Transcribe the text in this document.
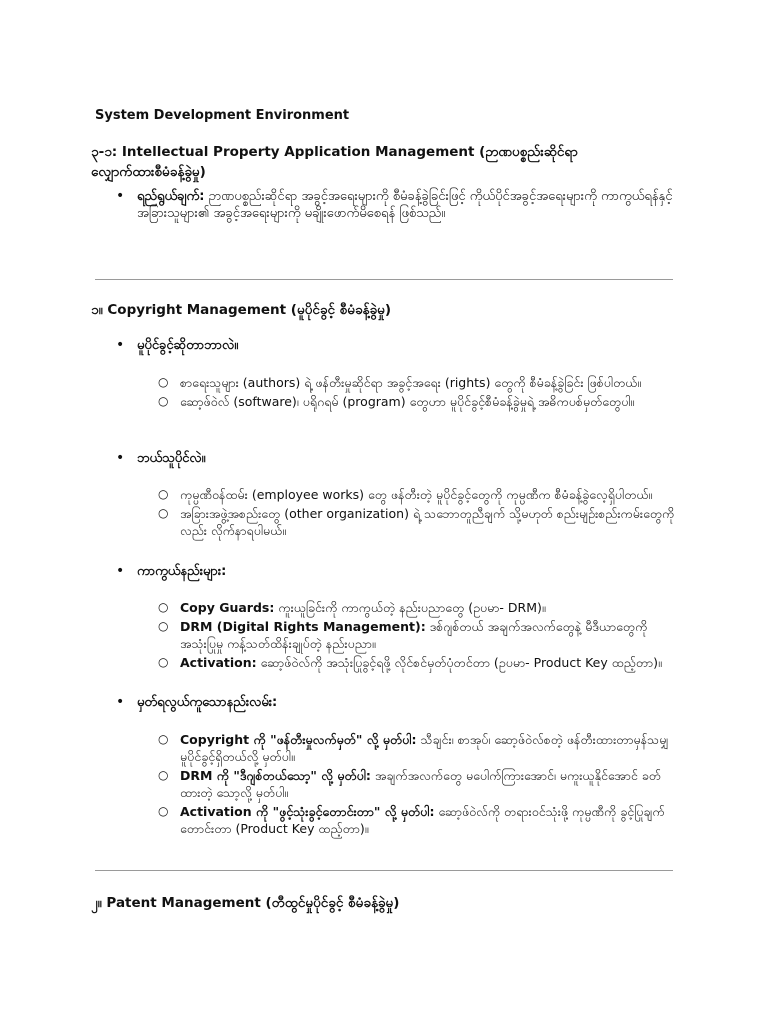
System Development Environment
၃-၁: Intellectual Property Application Management (ဉာဏပစ္စည်းဆိုင်ရာ လျှောက်ထားစီမံခန့်ခွဲမှု)
• ရည်ရွယ်ချက်: ဉာဏပစ္စည်းဆိုင်ရာ အခွင့်အရေးများကို စီမံခန့်ခွဲခြင်းဖြင့် ကိုယ်ပိုင်အခွင့်အရေးများကို ကာကွယ်ရန်နှင့် အခြားသူများ၏ အခွင့်အရေးများကို မချိုးဖောက်မိစေရန် ဖြစ်သည်။
၁။ Copyright Management (မူပိုင်ခွင့် စီမံခန့်ခွဲမှု)
• မူပိုင်ခွင့်ဆိုတာဘာလဲ။
○ စာရေးသူများ (authors) ရဲ့ ဖန်တီးမှုဆိုင်ရာ အခွင့်အရေး (rights) တွေကို စီမံခန့်ခွဲခြင်း ဖြစ်ပါတယ်။
○ ဆော့ဖ်ဝဲလ် (software)၊ ပရိုဂရမ် (program) တွေဟာ မူပိုင်ခွင့်စီမံခန့်ခွဲမှုရဲ့ အဓိကပစ်မှတ်တွေပါ။
• ဘယ်သူပိုင်လဲ။
○ ကုမ္ပဏီဝန်ထမ်း (employee works) တွေ ဖန်တီးတဲ့ မူပိုင်ခွင့်တွေကို ကုမ္ပဏီက စီမံခန့်ခွဲလေ့ရှိပါတယ်။
○ အခြားအဖွဲ့အစည်းတွေ (other organization) ရဲ့ သဘောတူညီချက် သို့မဟုတ် စည်းမျဉ်းစည်းကမ်းတွေကိုလည်း လိုက်နာရပါမယ်။
• ကာကွယ်နည်းများ:
○ Copy Guards: ကူးယူခြင်းကို ကာကွယ်တဲ့ နည်းပညာတွေ (ဥပမာ- DRM)။
○ DRM (Digital Rights Management): ဒစ်ဂျစ်တယ် အချက်အလက်တွေနဲ့ မီဒီယာတွေကို အသုံးပြုမှု ကန့်သတ်ထိန်းချုပ်တဲ့ နည်းပညာ။
○ Activation: ဆော့ဖ်ဝဲလ်ကို အသုံးပြုခွင့်ရဖို့ လိုင်စင်မှတ်ပုံတင်တာ (ဥပမာ- Product Key ထည့်တာ)။
• မှတ်ရလွယ်ကူသောနည်းလမ်း:
○ Copyright ကို "ဖန်တီးမှုလက်မှတ်" လို့ မှတ်ပါ: သီချင်း၊ စာအုပ်၊ ဆော့ဖ်ဝဲလ်စတဲ့ ဖန်တီးထားတာမှန်သမျှ မူပိုင်ခွင့်ရှိတယ်လို့ မှတ်ပါ။
○ DRM ကို "ဒီဂျစ်တယ်သော့" လို့ မှတ်ပါ: အချက်အလက်တွေ မပေါက်ကြားအောင်၊ မကူးယူနိုင်အောင် ခတ်ထားတဲ့ သော့လို့ မှတ်ပါ။
○ Activation ကို "ဖွင့်သုံးခွင့်တောင်းတာ" လို့ မှတ်ပါ: ဆော့ဖ်ဝဲလ်ကို တရားဝင်သုံးဖို့ ကုမ္ပဏီကို ခွင့်ပြုချက်တောင်းတာ (Product Key ထည့်တာ)။
၂။ Patent Management (တီထွင်မှုပိုင်ခွင့် စီမံခန့်ခွဲမှု)
